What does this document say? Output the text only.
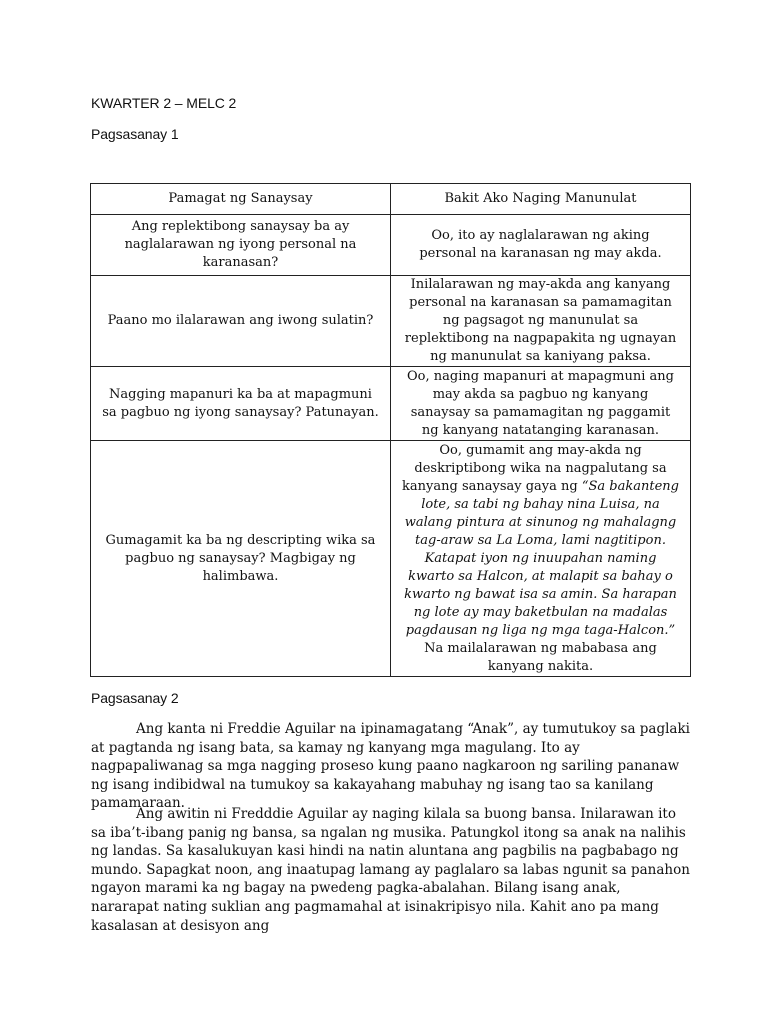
KWARTER 2 – MELC 2
Pagsasanay 1
Pamagat ng Sanaysay	Bakit Ako Naging Manunulat
Ang replektibong sanaysay ba ay naglalarawan ng iyong personal na karanasan?	Oo, ito ay naglalarawan ng aking personal na karanasan ng may akda.
Paano mo ilalarawan ang iwong sulatin?	Inilalarawan ng may-akda ang kanyang personal na karanasan sa pamamagitan ng pagsagot ng manunulat sa replektibong na nagpapakita ng ugnayan ng manunulat sa kaniyang paksa.
Nagging mapanuri ka ba at mapagmuni sa pagbuo ng iyong sanaysay? Patunayan.	Oo, naging mapanuri at mapagmuni ang may akda sa pagbuo ng kanyang sanaysay sa pamamagitan ng paggamit ng kanyang natatanging karanasan.
Gumagamit ka ba ng descripting wika sa pagbuo ng sanaysay? Magbigay ng halimbawa.	Oo, gumamit ang may-akda ng deskriptibong wika na nagpalutang sa kanyang sanaysay gaya ng “Sa bakanteng lote, sa tabi ng bahay nina Luisa, na walang pintura at sinunog ng mahalagng tag-araw sa La Loma, lami nagtitipon. Katapat iyon ng inuupahan naming kwarto sa Halcon, at malapit sa bahay o kwarto ng bawat isa sa amin. Sa harapan ng lote ay may baketbulan na madalas pagdausan ng liga ng mga taga-Halcon.” Na mailalarawan ng mababasa ang kanyang nakita.
Pagsasanay 2

Ang kanta ni Freddie Aguilar na ipinamagatang “Anak”, ay tumutukoy sa paglaki at pagtanda ng isang bata, sa kamay ng kanyang mga magulang. Ito ay nagpapaliwanag sa mga nagging proseso kung paano nagkaroon ng sariling pananaw ng isang indibidwal na tumukoy sa kakayahang mabuhay ng isang tao sa kanilang pamamaraan.

Ang awitin ni Fredddie Aguilar ay naging kilala sa buong bansa. Inilarawan ito sa iba’t-ibang panig ng bansa, sa ngalan ng musika. Patungkol itong sa anak na nalihis ng landas. Sa kasalukuyan kasi hindi na natin aluntana ang pagbilis na pagbabago ng mundo. Sapagkat noon, ang inaatupag lamang ay paglalaro sa labas ngunit sa panahon ngayon marami ka ng bagay na pwedeng pagka-abalahan. Bilang isang anak, nararapat nating suklian ang pagmamahal at isinakripisyo nila. Kahit ano pa mang kasalasan at desisyon ang
